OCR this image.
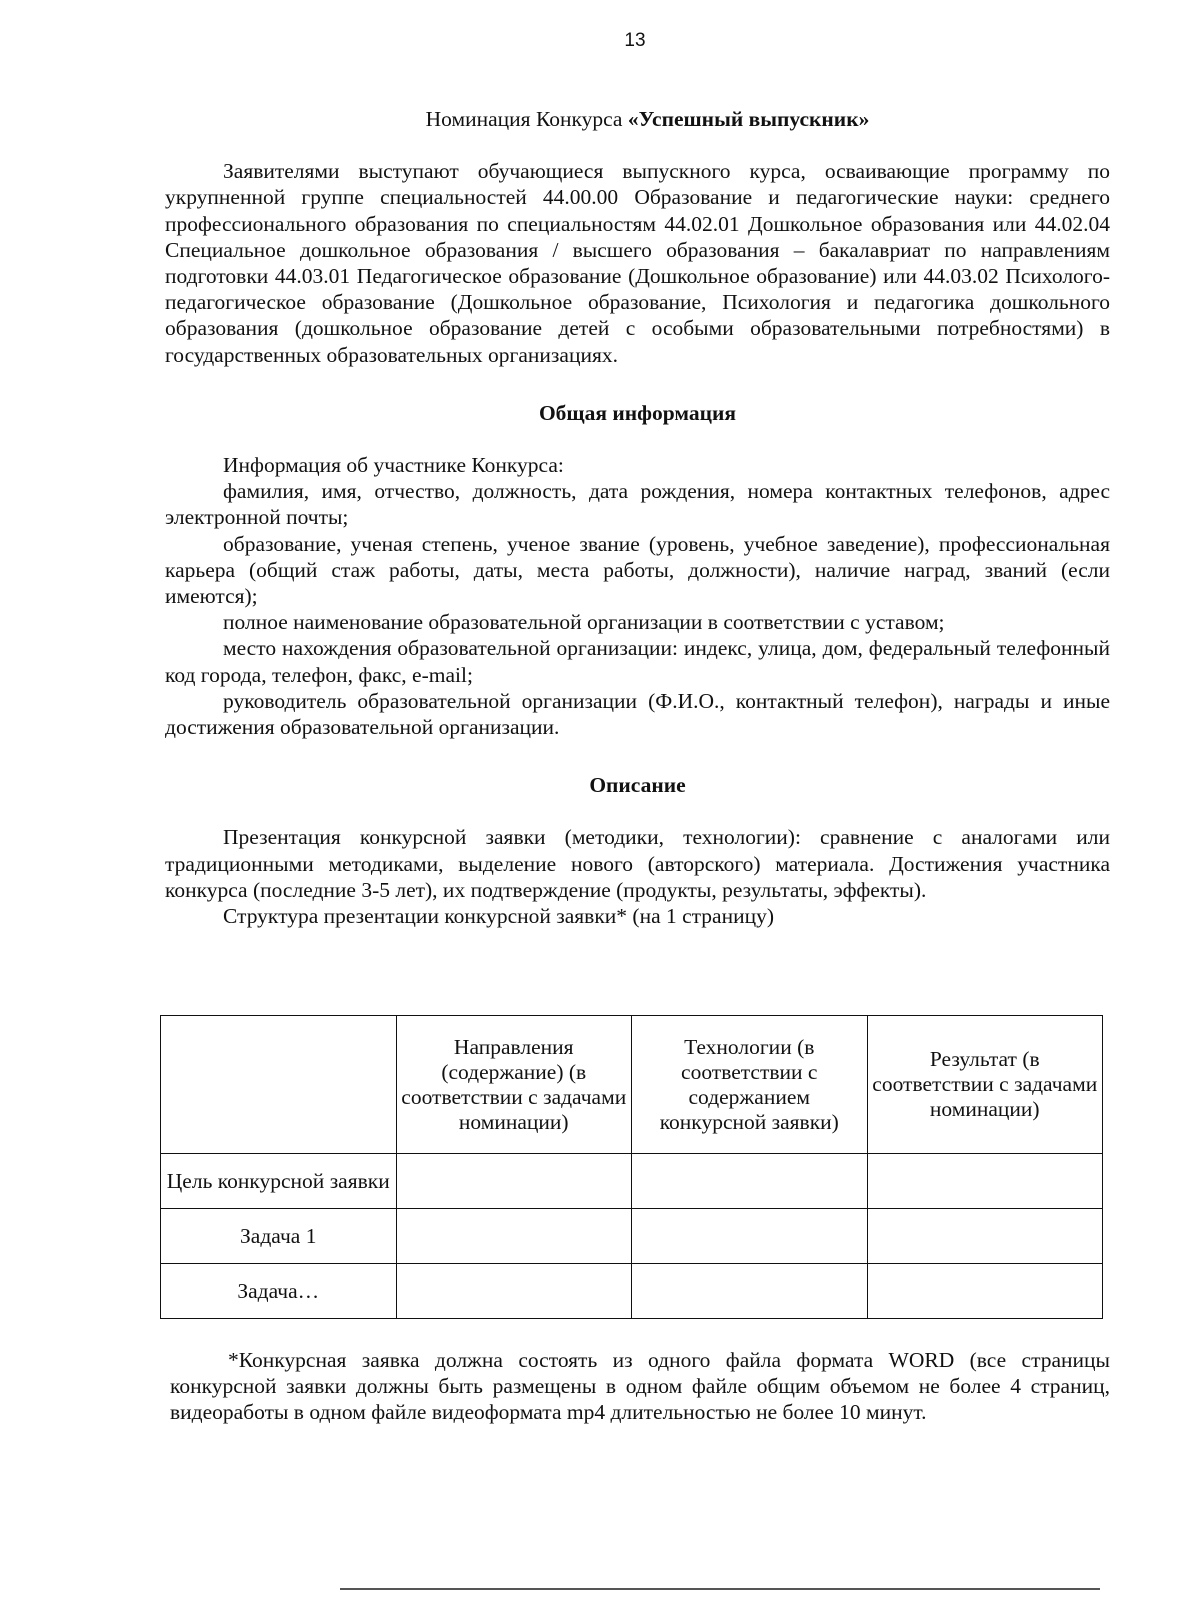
13

Номинация Конкурса «Успешный выпускник»

Заявителями выступают обучающиеся выпускного курса, осваивающие программу по укрупненной группе специальностей 44.00.00 Образование и педагогические науки: среднего профессионального образования по специальностям 44.02.01 Дошкольное образования или 44.02.04 Специальное дошкольное образования / высшего образования – бакалавриат по направлениям подготовки 44.03.01 Педагогическое образование (Дошкольное образование) или 44.03.02 Психолого-педагогическое образование (Дошкольное образование, Психология и педагогика дошкольного образования (дошкольное образование детей с особыми образовательными потребностями) в государственных образовательных организациях.

Общая информация

Информация об участнике Конкурса:

фамилия, имя, отчество, должность, дата рождения, номера контактных телефонов, адрес электронной почты;

образование, ученая степень, ученое звание (уровень, учебное заведение), профессиональная карьера (общий стаж работы, даты, места работы, должности), наличие наград, званий (если имеются);

полное наименование образовательной организации в соответствии с уставом;

место нахождения образовательной организации: индекс, улица, дом, федеральный телефонный код города, телефон, факс, e-mail;

руководитель образовательной организации (Ф.И.О., контактный телефон), награды и иные достижения образовательной организации.

Описание

Презентация конкурсной заявки (методики, технологии): сравнение с аналогами или традиционными методиками, выделение нового (авторского) материала. Достижения участника конкурса (последние 3-5 лет), их подтверждение (продукты, результаты, эффекты).

Структура презентации конкурсной заявки* (на 1 страницу)

	Направления (содержание) (в соответствии с задачами номинации)	Технологии (в соответствии с содержанием конкурсной заявки)	Результат (в соответствии с задачами номинации)
Цель конкурсной заявки			
Задача 1			
Задача…			

*Конкурсная заявка должна состоять из одного файла формата WORD (все страницы конкурсной заявки должны быть размещены в одном файле общим объемом не более 4 страниц, видеоработы в одном файле видеоформата mp4 длительностью не более 10 минут.
